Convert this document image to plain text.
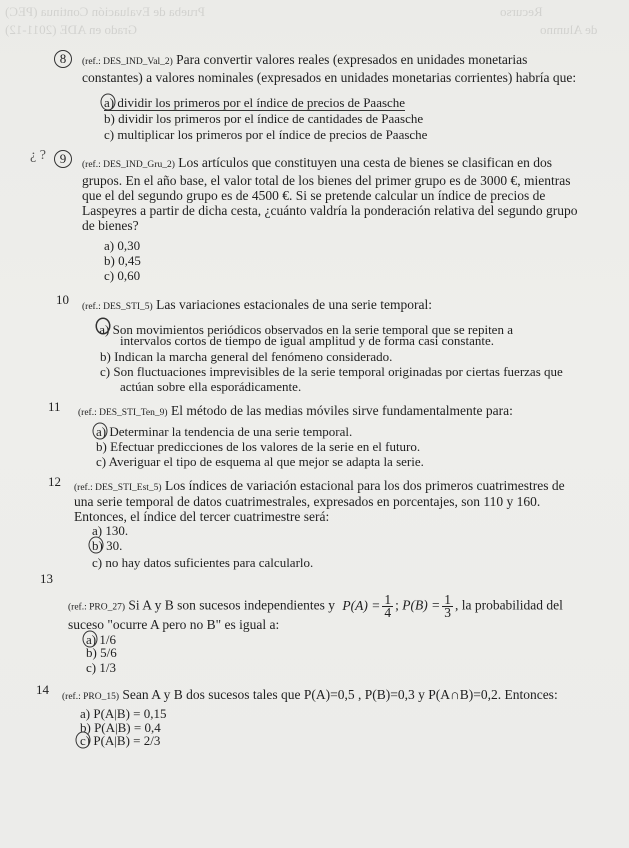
Prueba de Evaluación Continua (PEC)	Recurso
Grado en ADE (2011-12)	de Alumno
8	(ref.: DES_IND_Val_2) Para convertir valores reales (expresados en unidades monetarias
constantes) a valores nominales (expresados en unidades monetarias corrientes) habría que:
a) dividir los primeros por el índice de precios de Paasche
b) dividir los primeros por el índice de cantidades de Paasche
c) multiplicar los primeros por el índice de precios de Paasche
¿ ?	9	(ref.: DES_IND_Gru_2) Los artículos que constituyen una cesta de bienes se clasifican en dos
grupos. En el año base, el valor total de los bienes del primer grupo es de 3000 €, mientras
que el del segundo grupo es de 4500 €. Si se pretende calcular un índice de precios de
Laspeyres a partir de dicha cesta, ¿cuánto valdría la ponderación relativa del segundo grupo
de bienes?
a) 0,30
b) 0,45
c) 0,60
10 (ref.: DES_STI_5) Las variaciones estacionales de una serie temporal:
a) Son movimientos periódicos observados en la serie temporal que se repiten a
intervalos cortos de tiempo de igual amplitud y de forma casi constante.
b) Indican la marcha general del fenómeno considerado.
c) Son fluctuaciones imprevisibles de la serie temporal originadas por ciertas fuerzas que
actúan sobre ella esporádicamente.
11 (ref.: DES_STI_Ten_9) El método de las medias móviles sirve fundamentalmente para:
a) Determinar la tendencia de una serie temporal.
b) Efectuar predicciones de los valores de la serie en el futuro.
c) Averiguar el tipo de esquema al que mejor se adapta la serie.
12 (ref.: DES_STI_Est_5) Los índices de variación estacional para los dos primeros cuatrimestres de
una serie temporal de datos cuatrimestrales, expresados en porcentajes, son 110 y 160.
Entonces, el índice del tercer cuatrimestre será:
a) 130.
b) 30.
c) no hay datos suficientes para calcularlo.
13
(ref.: PRO_27) Si A y B son sucesos independientes y $P(A) = \frac{1}{4}$ ; $P(B) = \frac{1}{3}$ , la probabilidad del
suceso "ocurre A pero no B" es igual a:
a) 1/6
b) 5/6
c) 1/3
14 (ref.: PRO_15) Sean A y B dos sucesos tales que P(A)=0,5 , P(B)=0,3 y P(A∩B)=0,2. Entonces:
a) P(A|B) = 0,15
b) P(A|B) = 0,4
c) P(A|B) = 2/3
